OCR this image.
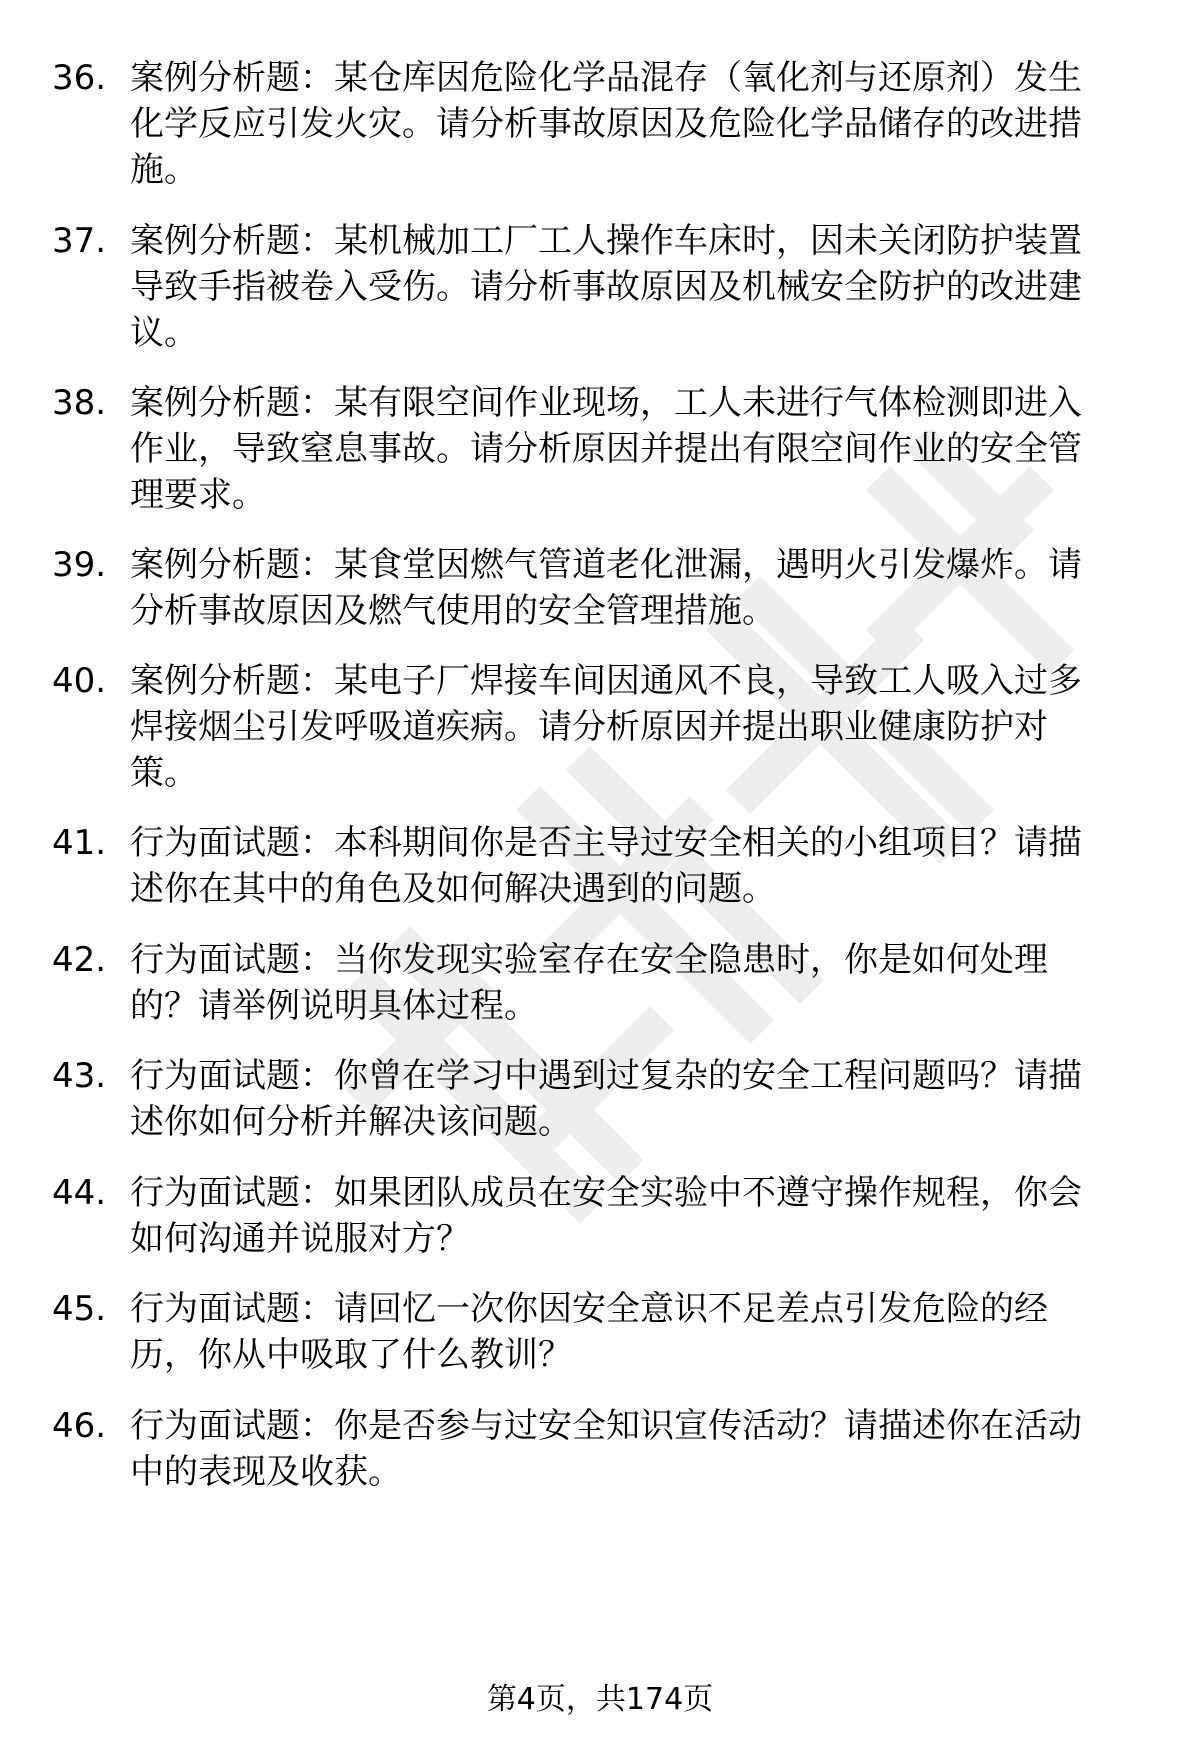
36. 案例分析题：某仓库因危险化学品混存（氧化剂与还原剂）发生
化学反应引发火灾。请分析事故原因及危险化学品储存的改进措
施。
37. 案例分析题：某机械加工厂工人操作车床时，因未关闭防护装置
导致手指被卷入受伤。请分析事故原因及机械安全防护的改进建
议。
38. 案例分析题：某有限空间作业现场，工人未进行气体检测即进入
作业，导致窒息事故。请分析原因并提出有限空间作业的安全管
理要求。
39. 案例分析题：某食堂因燃气管道老化泄漏，遇明火引发爆炸。请
分析事故原因及燃气使用的安全管理措施。
40. 案例分析题：某电子厂焊接车间因通风不良，导致工人吸入过多
焊接烟尘引发呼吸道疾病。请分析原因并提出职业健康防护对
策。
41. 行为面试题：本科期间你是否主导过安全相关的小组项目？请描
述你在其中的角色及如何解决遇到的问题。
42. 行为面试题：当你发现实验室存在安全隐患时，你是如何处理
的？请举例说明具体过程。
43. 行为面试题：你曾在学习中遇到过复杂的安全工程问题吗？请描
述你如何分析并解决该问题。
44. 行为面试题：如果团队成员在安全实验中不遵守操作规程，你会
如何沟通并说服对方？
45. 行为面试题：请回忆一次你因安全意识不足差点引发危险的经
历，你从中吸取了什么教训？
46. 行为面试题：你是否参与过安全知识宣传活动？请描述你在活动
中的表现及收获。
第4页，共174页
